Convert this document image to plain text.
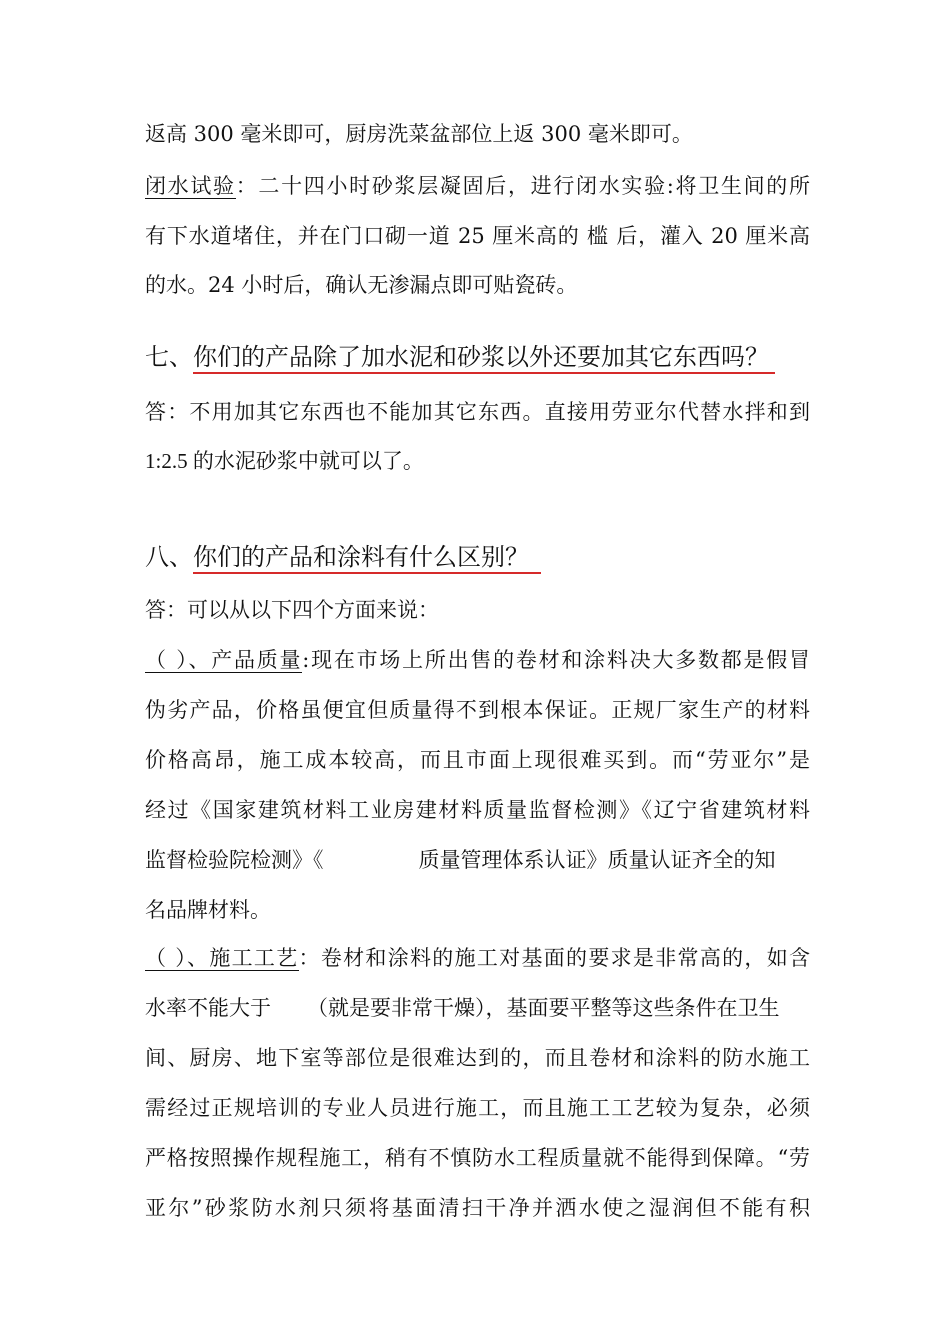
返高 300 毫米即可，厨房洗菜盆部位上返 300 毫米即可。
闭水试验：二十四小时砂浆层凝固后，进行闭水实验:将卫生间的所
有下水道堵住，并在门口砌一道 25 厘米高的 槛 后，灌入 20 厘米高
的水。24 小时后，确认无渗漏点即可贴瓷砖。
七、你们的产品除了加水泥和砂浆以外还要加其它东西吗？
答：不用加其它东西也不能加其它东西。直接用劳亚尔代替水拌和到
1:2.5 的水泥砂浆中就可以了。
八、你们的产品和涂料有什么区别？
答：可以从以下四个方面来说：
（ ）、产品质量:现在市场上所出售的卷材和涂料决大多数都是假冒
伪劣产品，价格虽便宜但质量得不到根本保证。正规厂家生产的材料
价格高昂，施工成本较高，而且市面上现很难买到。而“劳亚尔”是
经过《国家建筑材料工业房建材料质量监督检测》《辽宁省建筑材料
监督检验院检测》《	质量管理体系认证》质量认证齐全的知
名品牌材料。
（ ）、施工工艺：卷材和涂料的施工对基面的要求是非常高的，如含
水率不能大于 （就是要非常干燥），基面要平整等这些条件在卫生
间、厨房、地下室等部位是很难达到的，而且卷材和涂料的防水施工
需经过正规培训的专业人员进行施工，而且施工工艺较为复杂，必须
严格按照操作规程施工，稍有不慎防水工程质量就不能得到保障。“劳
亚尔”砂浆防水剂只须将基面清扫干净并洒水使之湿润但不能有积
